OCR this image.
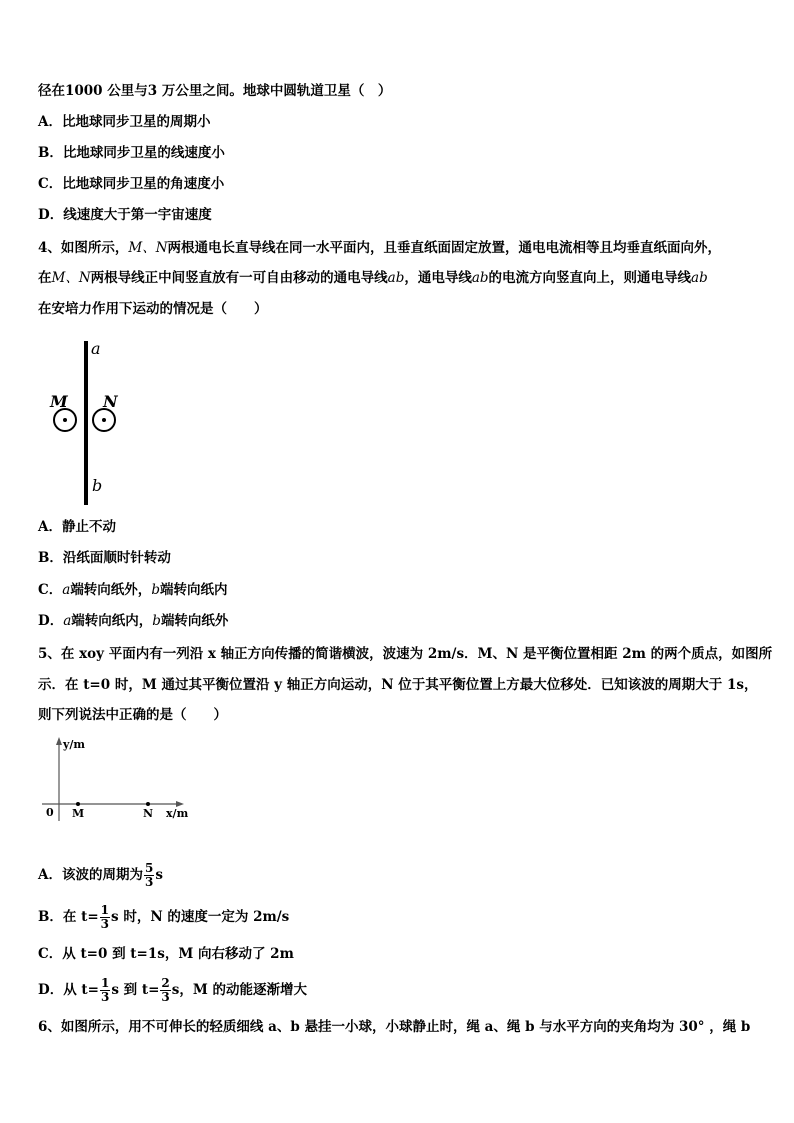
径在1000 公里与3 万公里之间。地球中圆轨道卫星（　）
A．比地球同步卫星的周期小
B．比地球同步卫星的线速度小
C．比地球同步卫星的角速度小
D．线速度大于第一宇宙速度
4、如图所示，M、N两根通电长直导线在同一水平面内，且垂直纸面固定放置，通电电流相等且均垂直纸面向外，
在M、N两根导线正中间竖直放有一可自由移动的通电导线ab，通电导线ab的电流方向竖直向上，则通电导线ab
在安培力作用下运动的情况是（　　）
a
b
M N
A．静止不动
B．沿纸面顺时针转动
C．a端转向纸外，b端转向纸内
D．a端转向纸内，b端转向纸外
5、在 xoy 平面内有一列沿 x 轴正方向传播的简谐横波，波速为 2m/s．M、N 是平衡位置相距 2m 的两个质点，如图所
示．在 t=0 时，M 通过其平衡位置沿 y 轴正方向运动，N 位于其平衡位置上方最大位移处．已知该波的周期大于 1s，
则下列说法中正确的是（　　）
y/m
x/m
0 M	N
A．该波的周期为 $\frac{5}{3}$ s
B．在 $t= \frac{1}{3}$ s 时，N 的速度一定为 2m/s
C．从 t=0 到 t=1s，M 向右移动了 2m
D．从 $t= \frac{1}{3}$ s 到 $t= \frac{2}{3}$ s，M 的动能逐渐增大
6、如图所示，用不可伸长的轻质细线 a、b 悬挂一小球，小球静止时，绳 a、绳 b 与水平方向的夹角均为 30° ，绳 b
